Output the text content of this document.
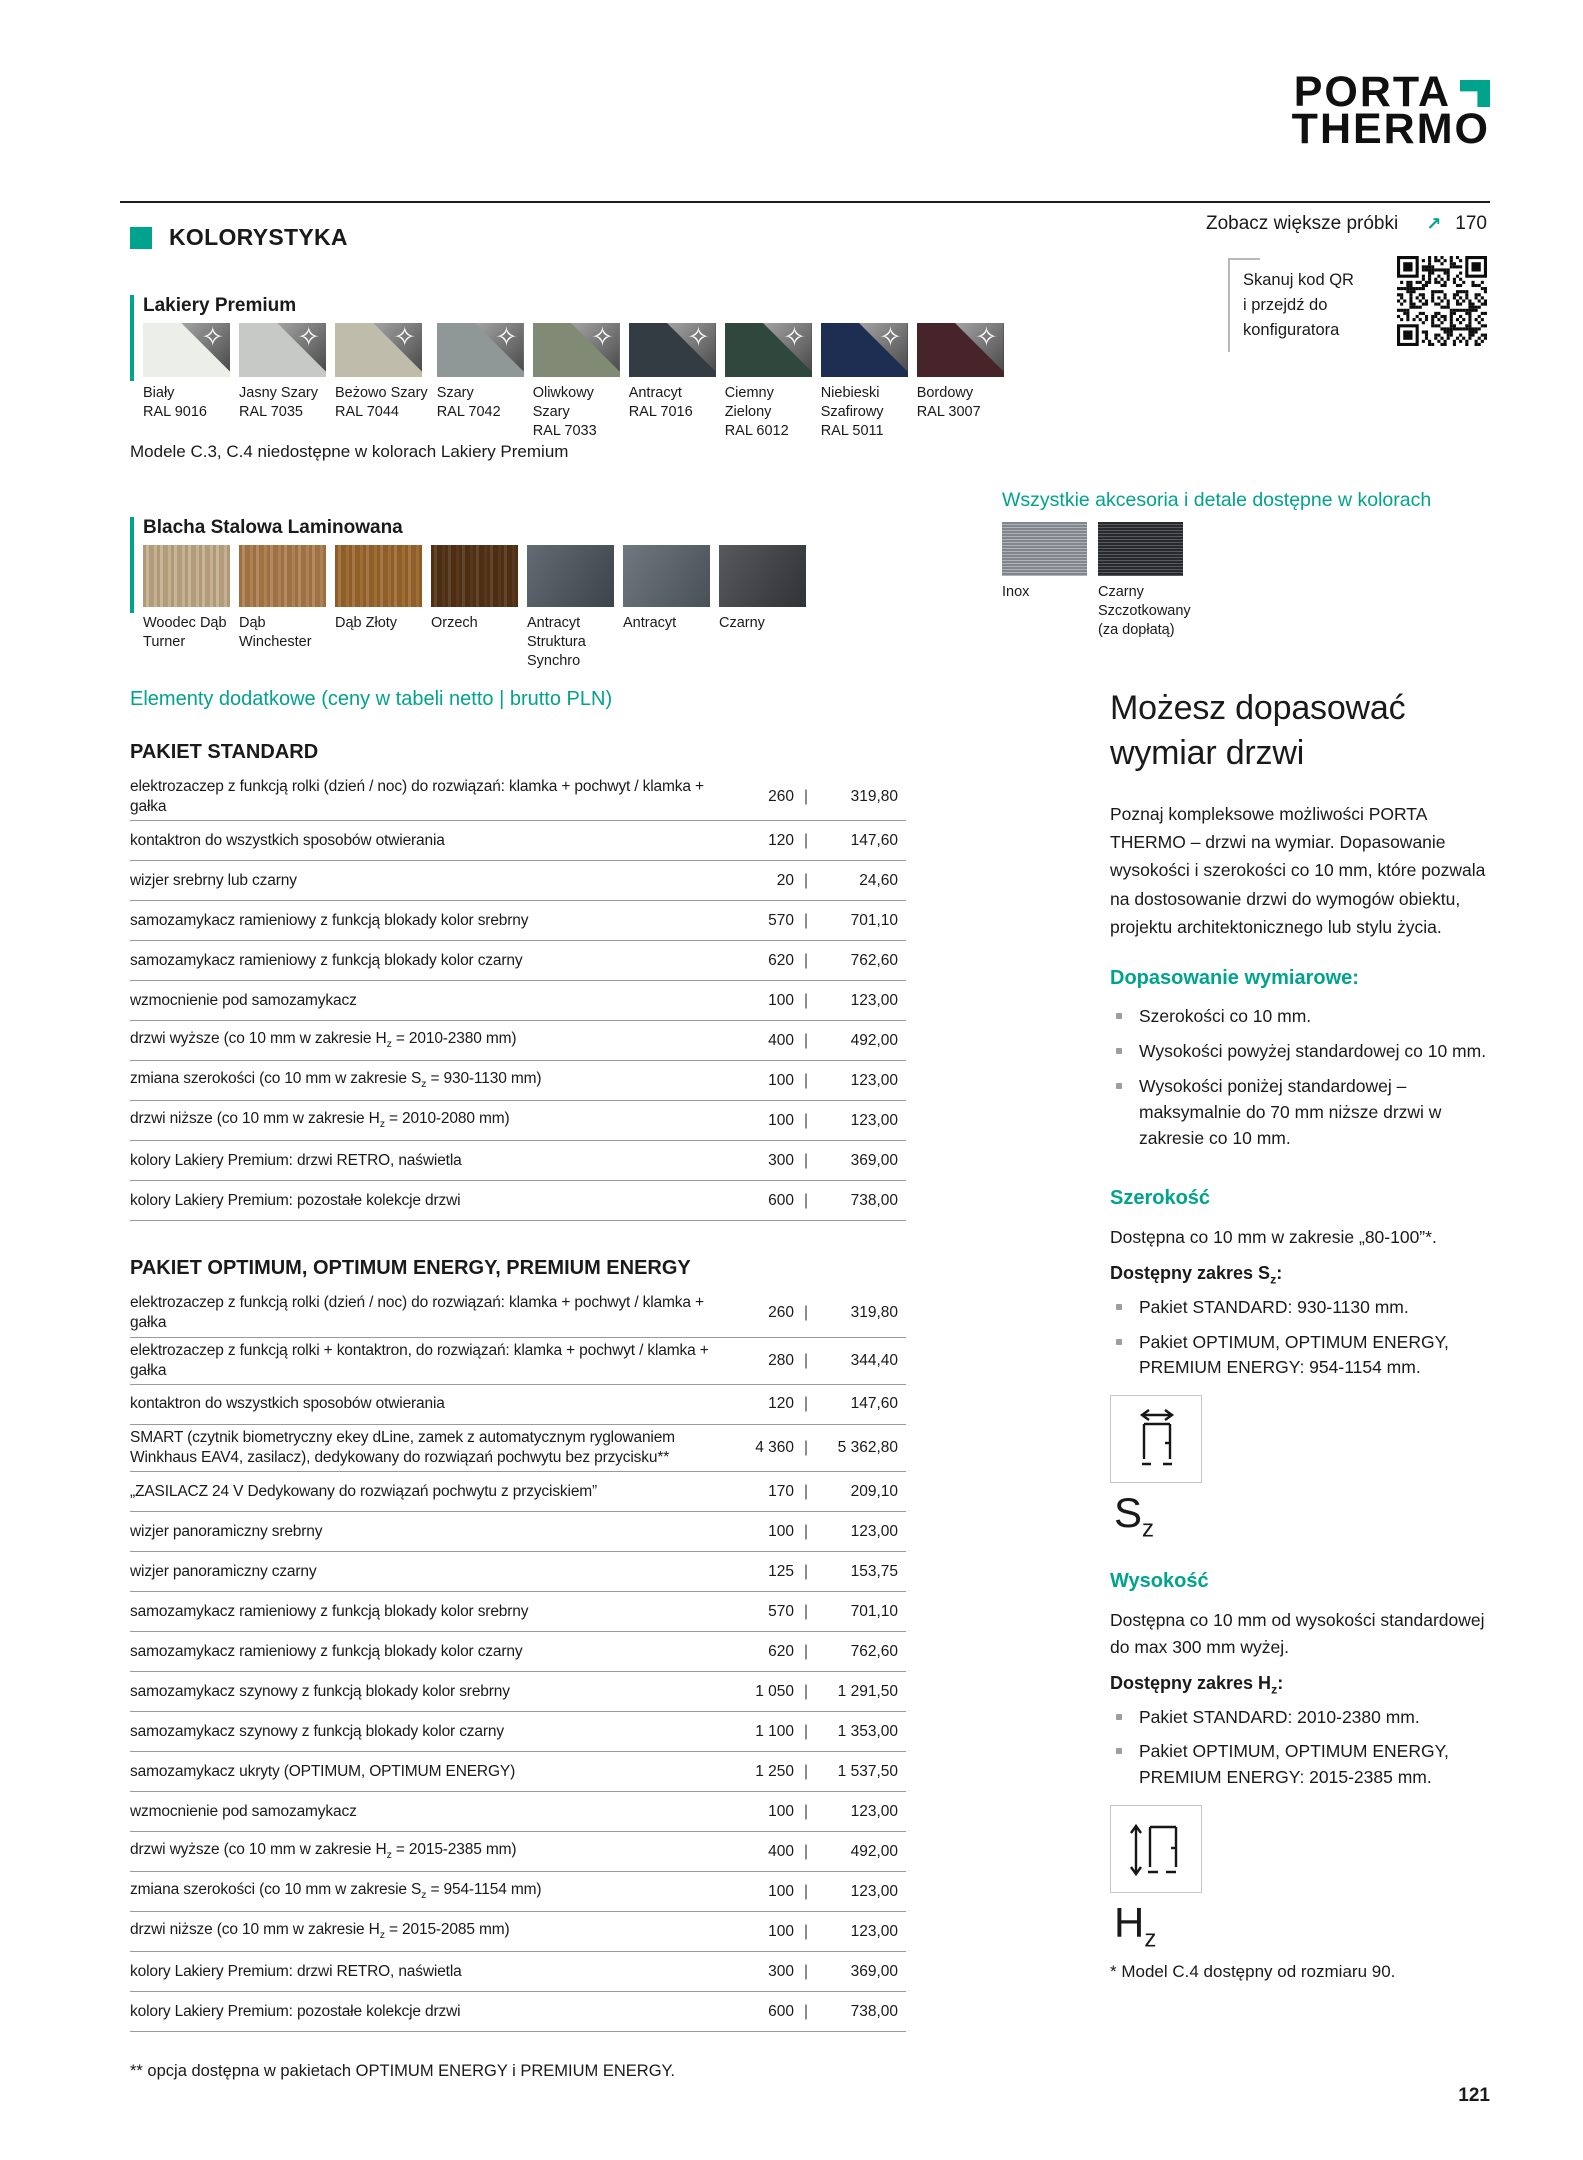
PORTA
THERMO
Zobacz większe próbki ↗ 170
KOLORYSTYKA
Skanuj kod QR
i przejdź do
konfiguratora
Lakiery Premium
✧
Biały
RAL 9016
✧
Jasny Szary
RAL 7035
✧
Beżowo Szary
RAL 7044
✧
Szary
RAL 7042
✧
Oliwkowy
Szary
RAL 7033
✧
Antracyt
RAL 7016
✧
Ciemny
Zielony
RAL 6012
✧
Niebieski
Szafirowy
RAL 5011
✧
Bordowy
RAL 3007
Modele C.3, C.4 niedostępne w kolorach Lakiery Premium
Blacha Stalowa Laminowana
Woodec Dąb
Turner
Dąb
Winchester
Dąb Złoty	Orzech	Antracyt
Struktura
Synchro
Antracyt	Czarny
Wszystkie akcesoria i detale dostępne w kolorach
Inox	Czarny
Szczotkowany
(za dopłatą)

Elementy dodatkowe (ceny w tabeli netto | brutto PLN)

PAKIET STANDARD
elektrozaczep z funkcją rolki (dzień / noc) do rozwiązań: klamka + pochwyt / klamka + gałka
260 |	319,80
kontaktron do wszystkich sposobów otwierania	120 |	147,60
wizjer srebrny lub czarny	20 |	24,60
samozamykacz ramieniowy z funkcją blokady kolor srebrny	570 |	701,10
samozamykacz ramieniowy z funkcją blokady kolor czarny	620 |	762,60
wzmocnienie pod samozamykacz	100 |	123,00
drzwi wyższe (co 10 mm w zakresie $H_z = 2010-2380$ mm)	400 |	492,00
zmiana szerokości (co 10 mm w zakresie $S_z = 930-1130$ mm)	100 |	123,00
drzwi niższe (co 10 mm w zakresie $H_z = 2010-2080$ mm)	100 |	123,00
kolory Lakiery Premium: drzwi RETRO, naświetla	300 |	369,00
kolory Lakiery Premium: pozostałe kolekcje drzwi	600 |	738,00
PAKIET OPTIMUM, OPTIMUM ENERGY, PREMIUM ENERGY
elektrozaczep z funkcją rolki (dzień / noc) do rozwiązań: klamka + pochwyt / klamka + gałka
260 |	319,80
elektrozaczep z funkcją rolki + kontaktron, do rozwiązań: klamka + pochwyt / klamka + gałka
280 |	344,40
kontaktron do wszystkich sposobów otwierania	120 |	147,60
SMART (czytnik biometryczny ekey dLine, zamek z automatycznym ryglowaniem Winkhaus EAV4, zasilacz), dedykowany do rozwiązań pochwytu bez przycisku**
4 360 |	5 362,80
„ZASILACZ 24 V Dedykowany do rozwiązań pochwytu z przyciskiem”	170 |	209,10
wizjer panoramiczny srebrny	100 |	123,00
wizjer panoramiczny czarny	125 |	153,75
samozamykacz ramieniowy z funkcją blokady kolor srebrny	570 |	701,10
samozamykacz ramieniowy z funkcją blokady kolor czarny	620 |	762,60
samozamykacz szynowy z funkcją blokady kolor srebrny	1 050 |	1 291,50
samozamykacz szynowy z funkcją blokady kolor czarny	1 100 |	1 353,00
samozamykacz ukryty (OPTIMUM, OPTIMUM ENERGY)	1 250 |	1 537,50
wzmocnienie pod samozamykacz	100 |	123,00
drzwi wyższe (co 10 mm w zakresie $H_z = 2015-2385$ mm)	400 |	492,00
zmiana szerokości (co 10 mm w zakresie $S_z = 954-1154$ mm)	100 |	123,00
drzwi niższe (co 10 mm w zakresie $H_z = 2015-2085$ mm)	100 |	123,00
kolory Lakiery Premium: drzwi RETRO, naświetla	300 |	369,00
kolory Lakiery Premium: pozostałe kolekcje drzwi	600 |	738,00

** opcja dostępna w pakietach OPTIMUM ENERGY i PREMIUM ENERGY.

Możesz dopasować wymiar drzwi

Poznaj kompleksowe możliwości PORTA THERMO – drzwi na wymiar. Dopasowanie wysokości i szerokości co 10 mm, które pozwala na dostosowanie drzwi do wymogów obiektu, projektu architektonicznego lub stylu życia.

Dopasowanie wymiarowe:
Szerokości co 10 mm.
Wysokości powyżej standardowej co 10 mm.
Wysokości poniżej standardowej – maksymalnie do 70 mm niższe drzwi w zakresie co 10 mm.
Szerokość

Dostępna co 10 mm w zakresie „80-100”*.

Dostępny zakres $S_z$:

Pakiet STANDARD: 930-1130 mm.
Pakiet OPTIMUM, OPTIMUM ENERGY, PREMIUM ENERGY: 954-1154 mm.
$S_z$
Wysokość

Dostępna co 10 mm od wysokości standardowej do max 300 mm wyżej.

Dostępny zakres $H_z$:

Pakiet STANDARD: 2010-2380 mm.
Pakiet OPTIMUM, OPTIMUM ENERGY, PREMIUM ENERGY: 2015-2385 mm.
$H_z$
* Model C.4 dostępny od rozmiaru 90.
121
